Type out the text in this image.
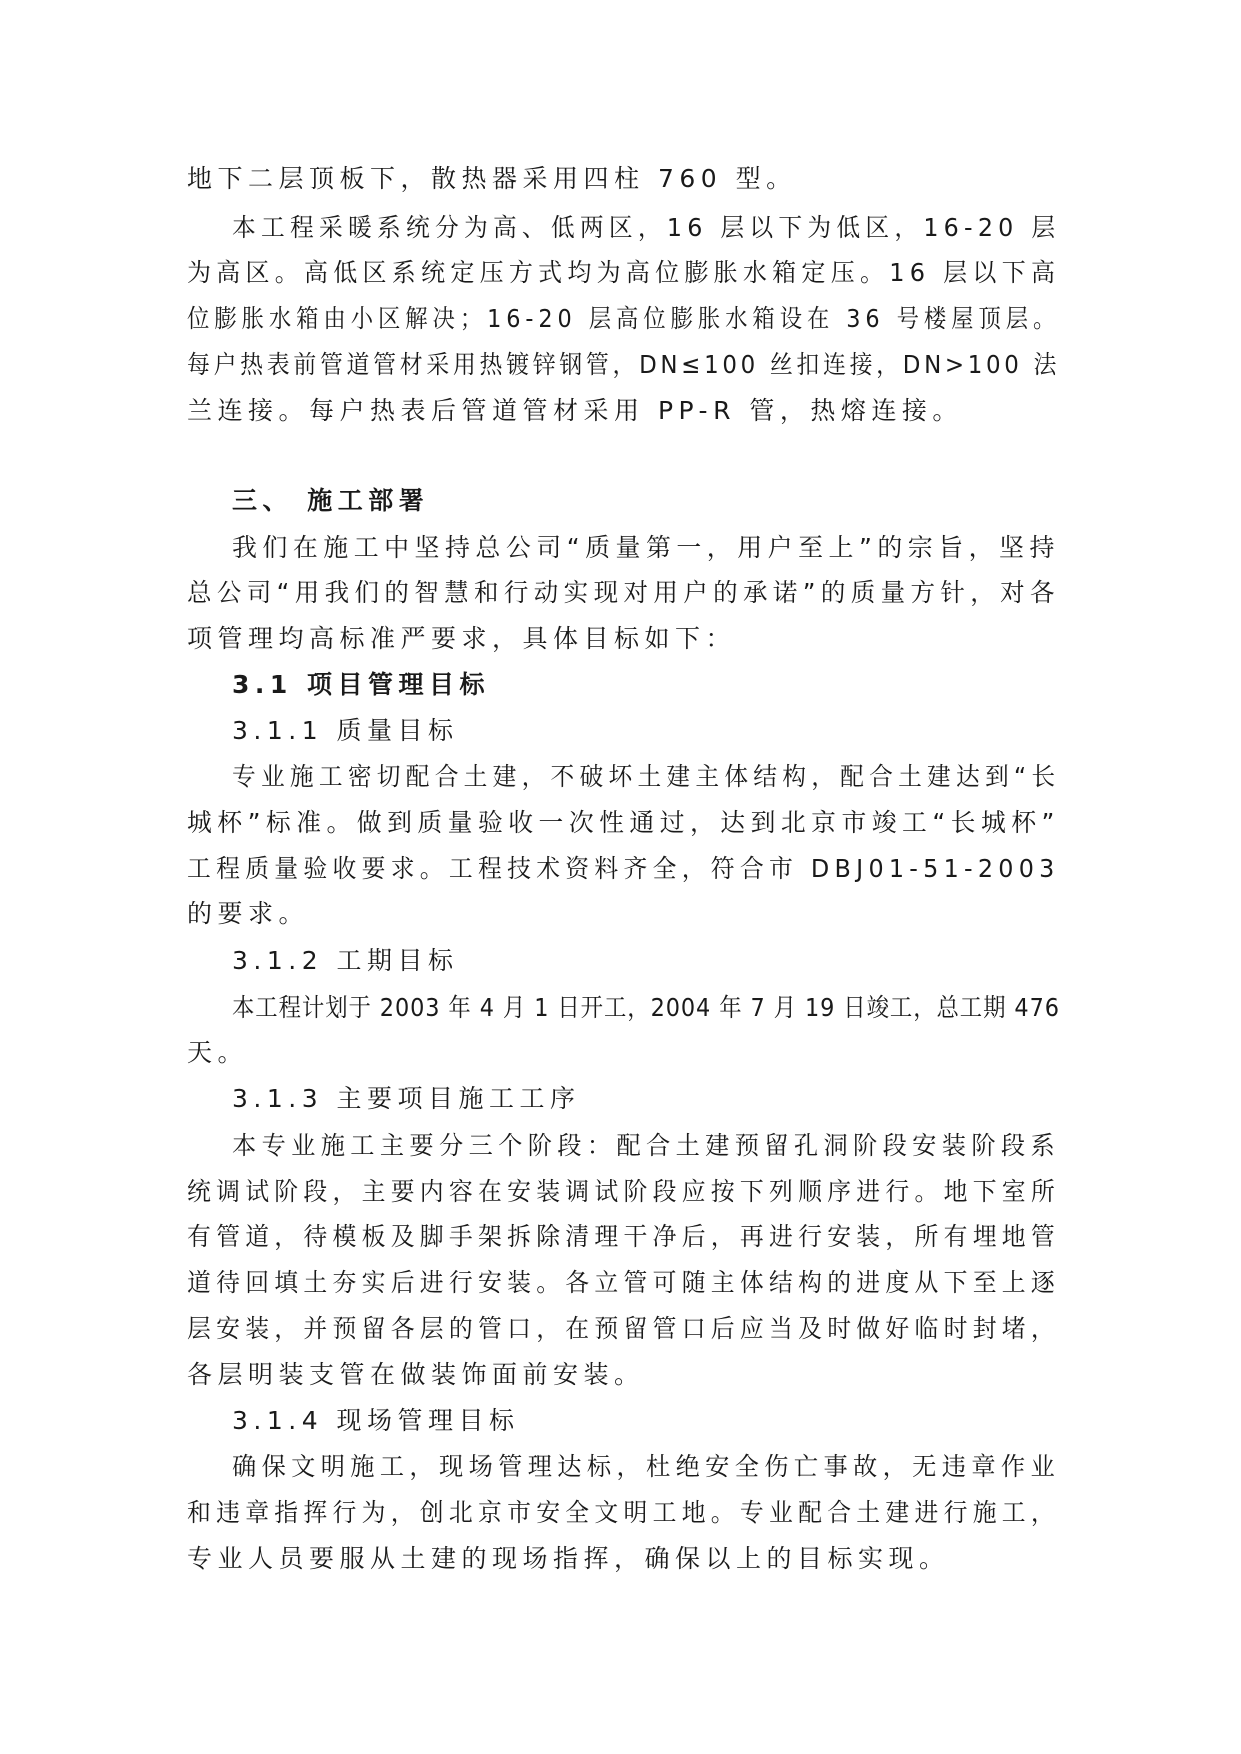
地下二层顶板下，散热器采用四柱 760 型。
本工程采暖系统分为高、低两区，16 层以下为低区，16-20 层
为高区。高低区系统定压方式均为高位膨胀水箱定压。16 层以下高
位膨胀水箱由小区解决；16-20 层高位膨胀水箱设在 36 号楼屋顶层。
每户热表前管道管材采用热镀锌钢管，DN≤100 丝扣连接，DN>100 法
兰连接。每户热表后管道管材采用 PP-R 管，热熔连接。
三、 施工部署
我们在施工中坚持总公司“质量第一，用户至上”的宗旨，坚持
总公司“用我们的智慧和行动实现对用户的承诺”的质量方针，对各
项管理均高标准严要求，具体目标如下：
3.1 项目管理目标
3.1.1 质量目标
专业施工密切配合土建，不破坏土建主体结构，配合土建达到“长
城杯”标准。做到质量验收一次性通过，达到北京市竣工“长城杯”
工程质量验收要求。工程技术资料齐全，符合市 DBJ01-51-2003
的要求。
3.1.2 工期目标
本工程计划于 2003 年 4 月 1 日开工，2004 年 7 月 19 日竣工，总工期 476
天。
3.1.3 主要项目施工工序
本专业施工主要分三个阶段：配合土建预留孔洞阶段安装阶段系
统调试阶段，主要内容在安装调试阶段应按下列顺序进行。地下室所
有管道，待模板及脚手架拆除清理干净后，再进行安装，所有埋地管
道待回填土夯实后进行安装。各立管可随主体结构的进度从下至上逐
层安装，并预留各层的管口，在预留管口后应当及时做好临时封堵，
各层明装支管在做装饰面前安装。
3.1.4 现场管理目标
确保文明施工，现场管理达标，杜绝安全伤亡事故，无违章作业
和违章指挥行为，创北京市安全文明工地。专业配合土建进行施工，
专业人员要服从土建的现场指挥，确保以上的目标实现。
